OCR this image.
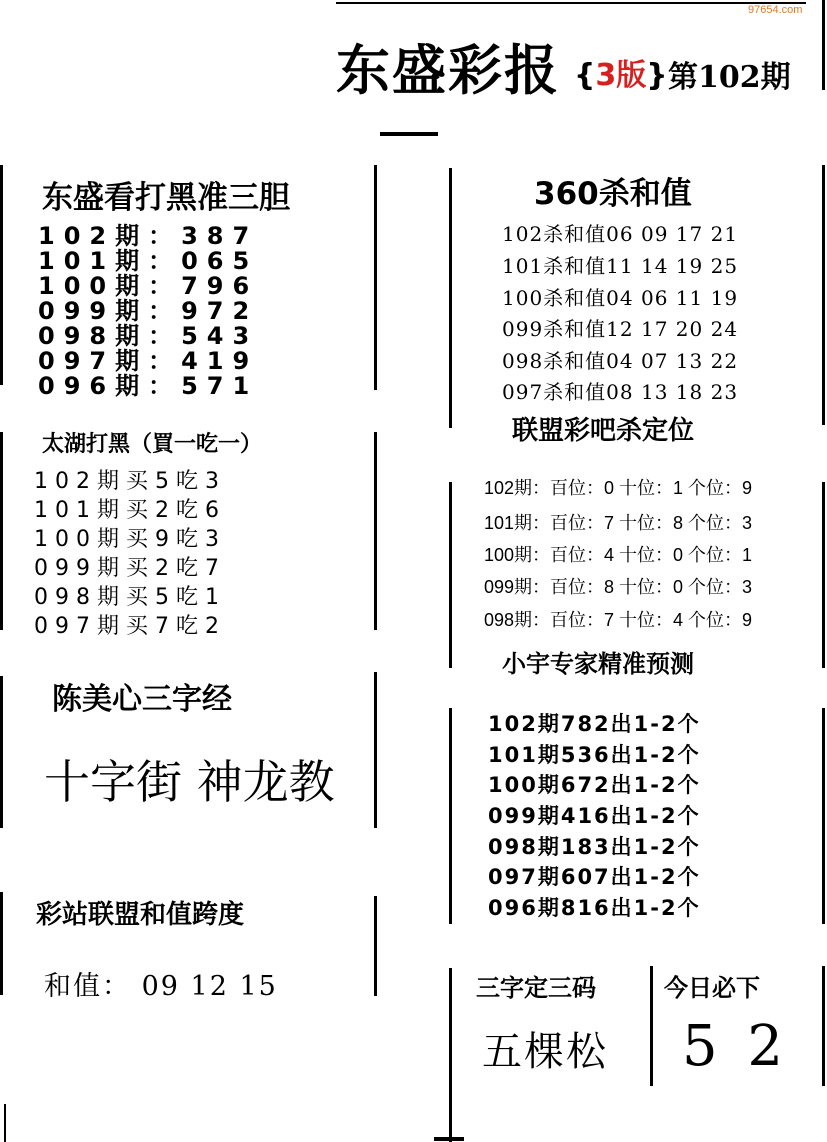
97654.com
东盛彩报 {3版} 第102期
东盛看打黑准三胆
102期：387
101期：065
100期：796
099期：972
098期：543
097期：419
096期：571
太湖打黑（買一吃一）
102期买5吃3
101期买2吃6
100期买9吃3
099期买2吃7
098期买5吃1
097期买7吃2
陈美心三字经
十字街 神龙教
彩站联盟和值跨度
和值： 09 12 15
360杀和值
102杀和值06 09 17 21
101杀和值11 14 19 25
100杀和值04 06 11 19
099杀和值12 17 20 24
098杀和值04 07 13 22
097杀和值08 13 18 23
联盟彩吧杀定位
102期：百位：0 十位：1 个位：9
101期：百位：7 十位：8 个位：3
100期：百位：4 十位：0 个位：1
099期：百位：8 十位：0 个位：3
098期：百位：7 十位：4 个位：9
小宇专家精准预测
102期782出1-2个
101期536出1-2个
100期672出1-2个
099期416出1-2个
098期183出1-2个
097期607出1-2个
096期816出1-2个
三字定三码
五棵松
今日必下
5 2
